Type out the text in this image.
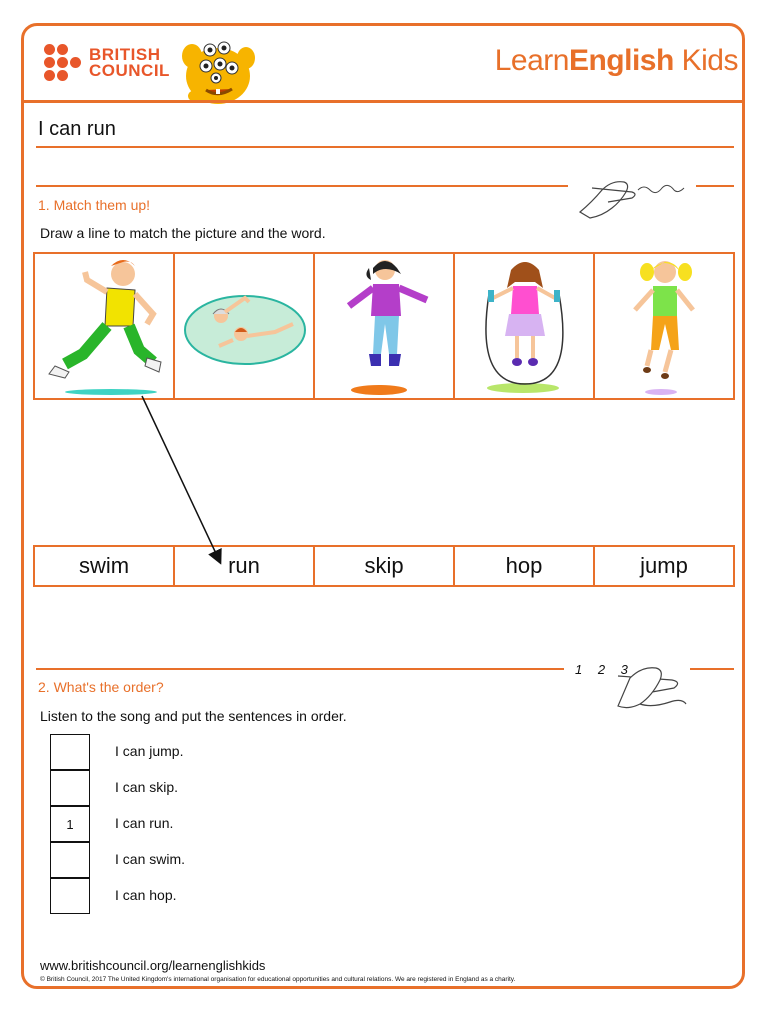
BRITISH
COUNCIL	LearnEnglish Kids
I can run
1. Match them up!
Draw a line to match the picture and the word.
swim	run	skip	hop	jump
1 2 3
2. What's the order?
Listen to the song and put the sentences in order.
I can jump.
I can skip.
1	I can run.
I can swim.
I can hop.
www.britishcouncil.org/learnenglishkids
© British Council, 2017 The United Kingdom's international organisation for educational opportunities and cultural relations. We are registered in England as a charity.
